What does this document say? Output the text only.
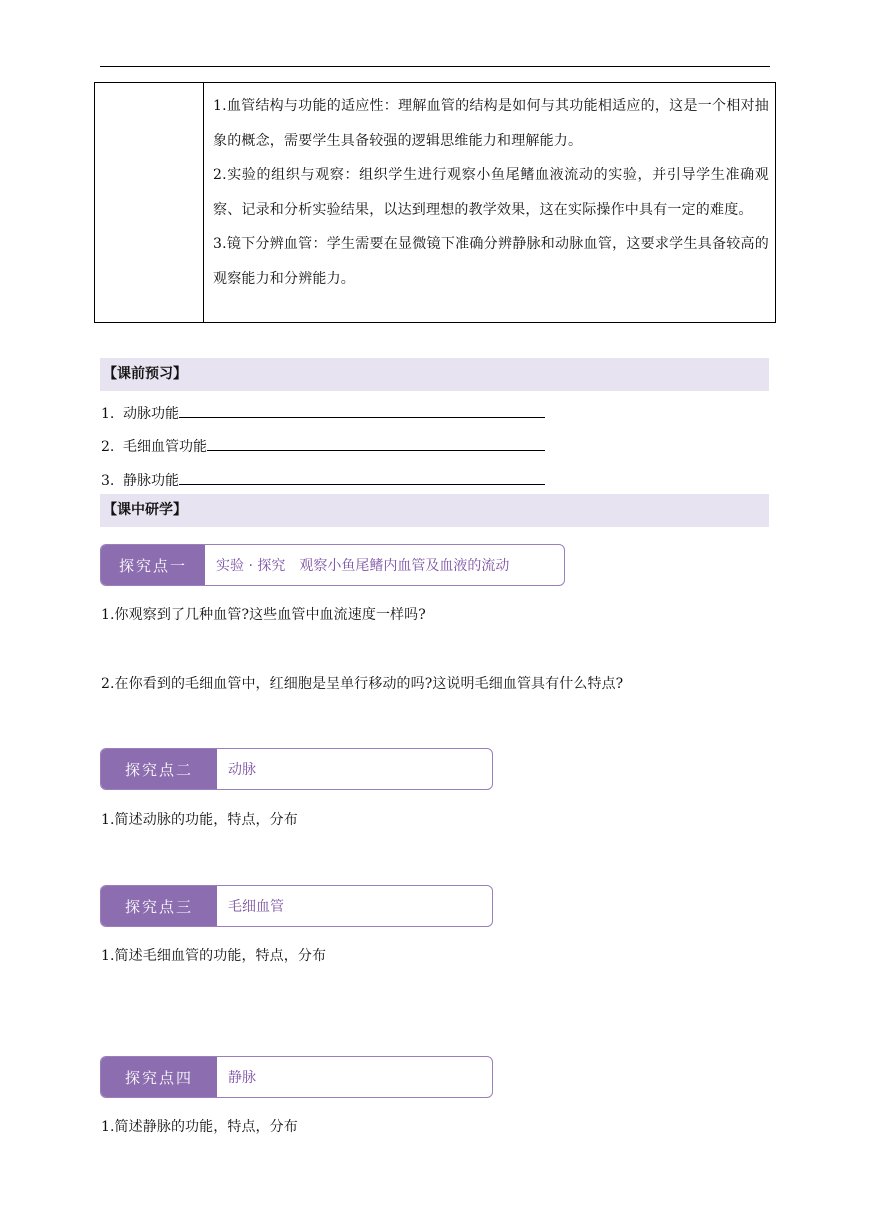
1.血管结构与功能的适应性：理解血管的结构是如何与其功能相适应的，这是一个相对抽象的概念，需要学生具备较强的逻辑思维能力和理解能力。

2.实验的组织与观察：组织学生进行观察小鱼尾鳍血液流动的实验，并引导学生准确观察、记录和分析实验结果，以达到理想的教学效果，这在实际操作中具有一定的难度。

3.镜下分辨血管：学生需要在显微镜下准确分辨静脉和动脉血管，这要求学生具备较高的观察能力和分辨能力。

【课前预习】
1. 动脉功能
2. 毛细血管功能
3. 静脉功能
【课中研学】
探究点一	实验 · 探究　观察小鱼尾鳍内血管及血液的流动
1.你观察到了几种血管?这些血管中血流速度一样吗?
2.在你看到的毛细血管中，红细胞是呈单行移动的吗?这说明毛细血管具有什么特点?
探究点二	动脉
1.简述动脉的功能，特点，分布
探究点三	毛细血管
1.简述毛细血管的功能，特点，分布
探究点四	静脉
1.简述静脉的功能，特点，分布
